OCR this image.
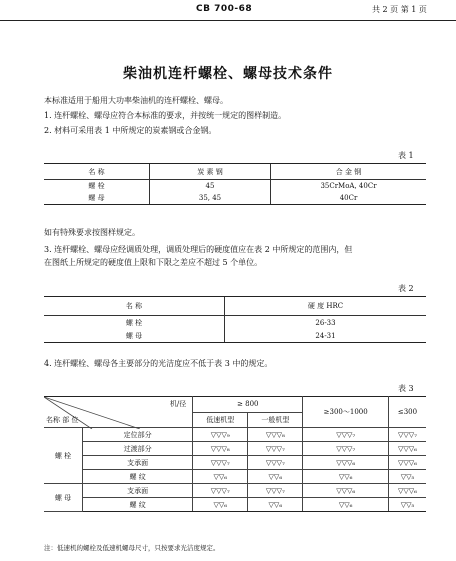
CB 700-68	共 2 页 第 1 页
柴油机连杆螺栓、螺母技术条件
本标准适用于船用大功率柴油机的连杆螺栓、螺母。
1. 连杆螺栓、螺母应符合本标准的要求，并按统一规定的图样制造。
2. 材料可采用表 1 中所规定的炭素钢或合金钢。
表 1
名 称	炭 素 钢	合 金 钢
螺 栓	45	35CrMoA, 40Cr
螺 母	35, 45	40Cr
如有特殊要求按图样规定。
3. 连杆螺栓、螺母应经调质处理，调质处理后的硬度值应在表 2 中所规定的范围内，但
在图纸上所规定的硬度值上限和下限之差应不超过 5 个单位。
表 2
名 称	硬 度 HRC
螺 栓	26-33
螺 母	24-31
4. 连杆螺栓、螺母各主要部分的光洁度应不低于表 3 中的规定。
表 3
机/径
名称 部 位		≥ 800		≥300～1000	≤300
		低速机型	一般机型		
螺 栓	定位部分	▽▽▽₉	▽▽▽₈	▽▽▽₇	▽▽▽₇
	过渡部分	▽▽▽₈	▽▽▽₇	▽▽▽₇	▽▽▽₆
	支承面	▽▽▽₇	▽▽▽₇	▽▽▽₆	▽▽▽₆
	螺 纹	▽▽₆	▽▽₆	▽▽₆	▽▽₅
螺 母	支承面	▽▽▽₇	▽▽▽₇	▽▽▽₆	▽▽▽₆
	螺 纹	▽▽₆	▽▽₆	▽▽₆	▽▽₅
注：低速机的螺栓及低速机螺母尺寸，只按要求光洁度规定。
